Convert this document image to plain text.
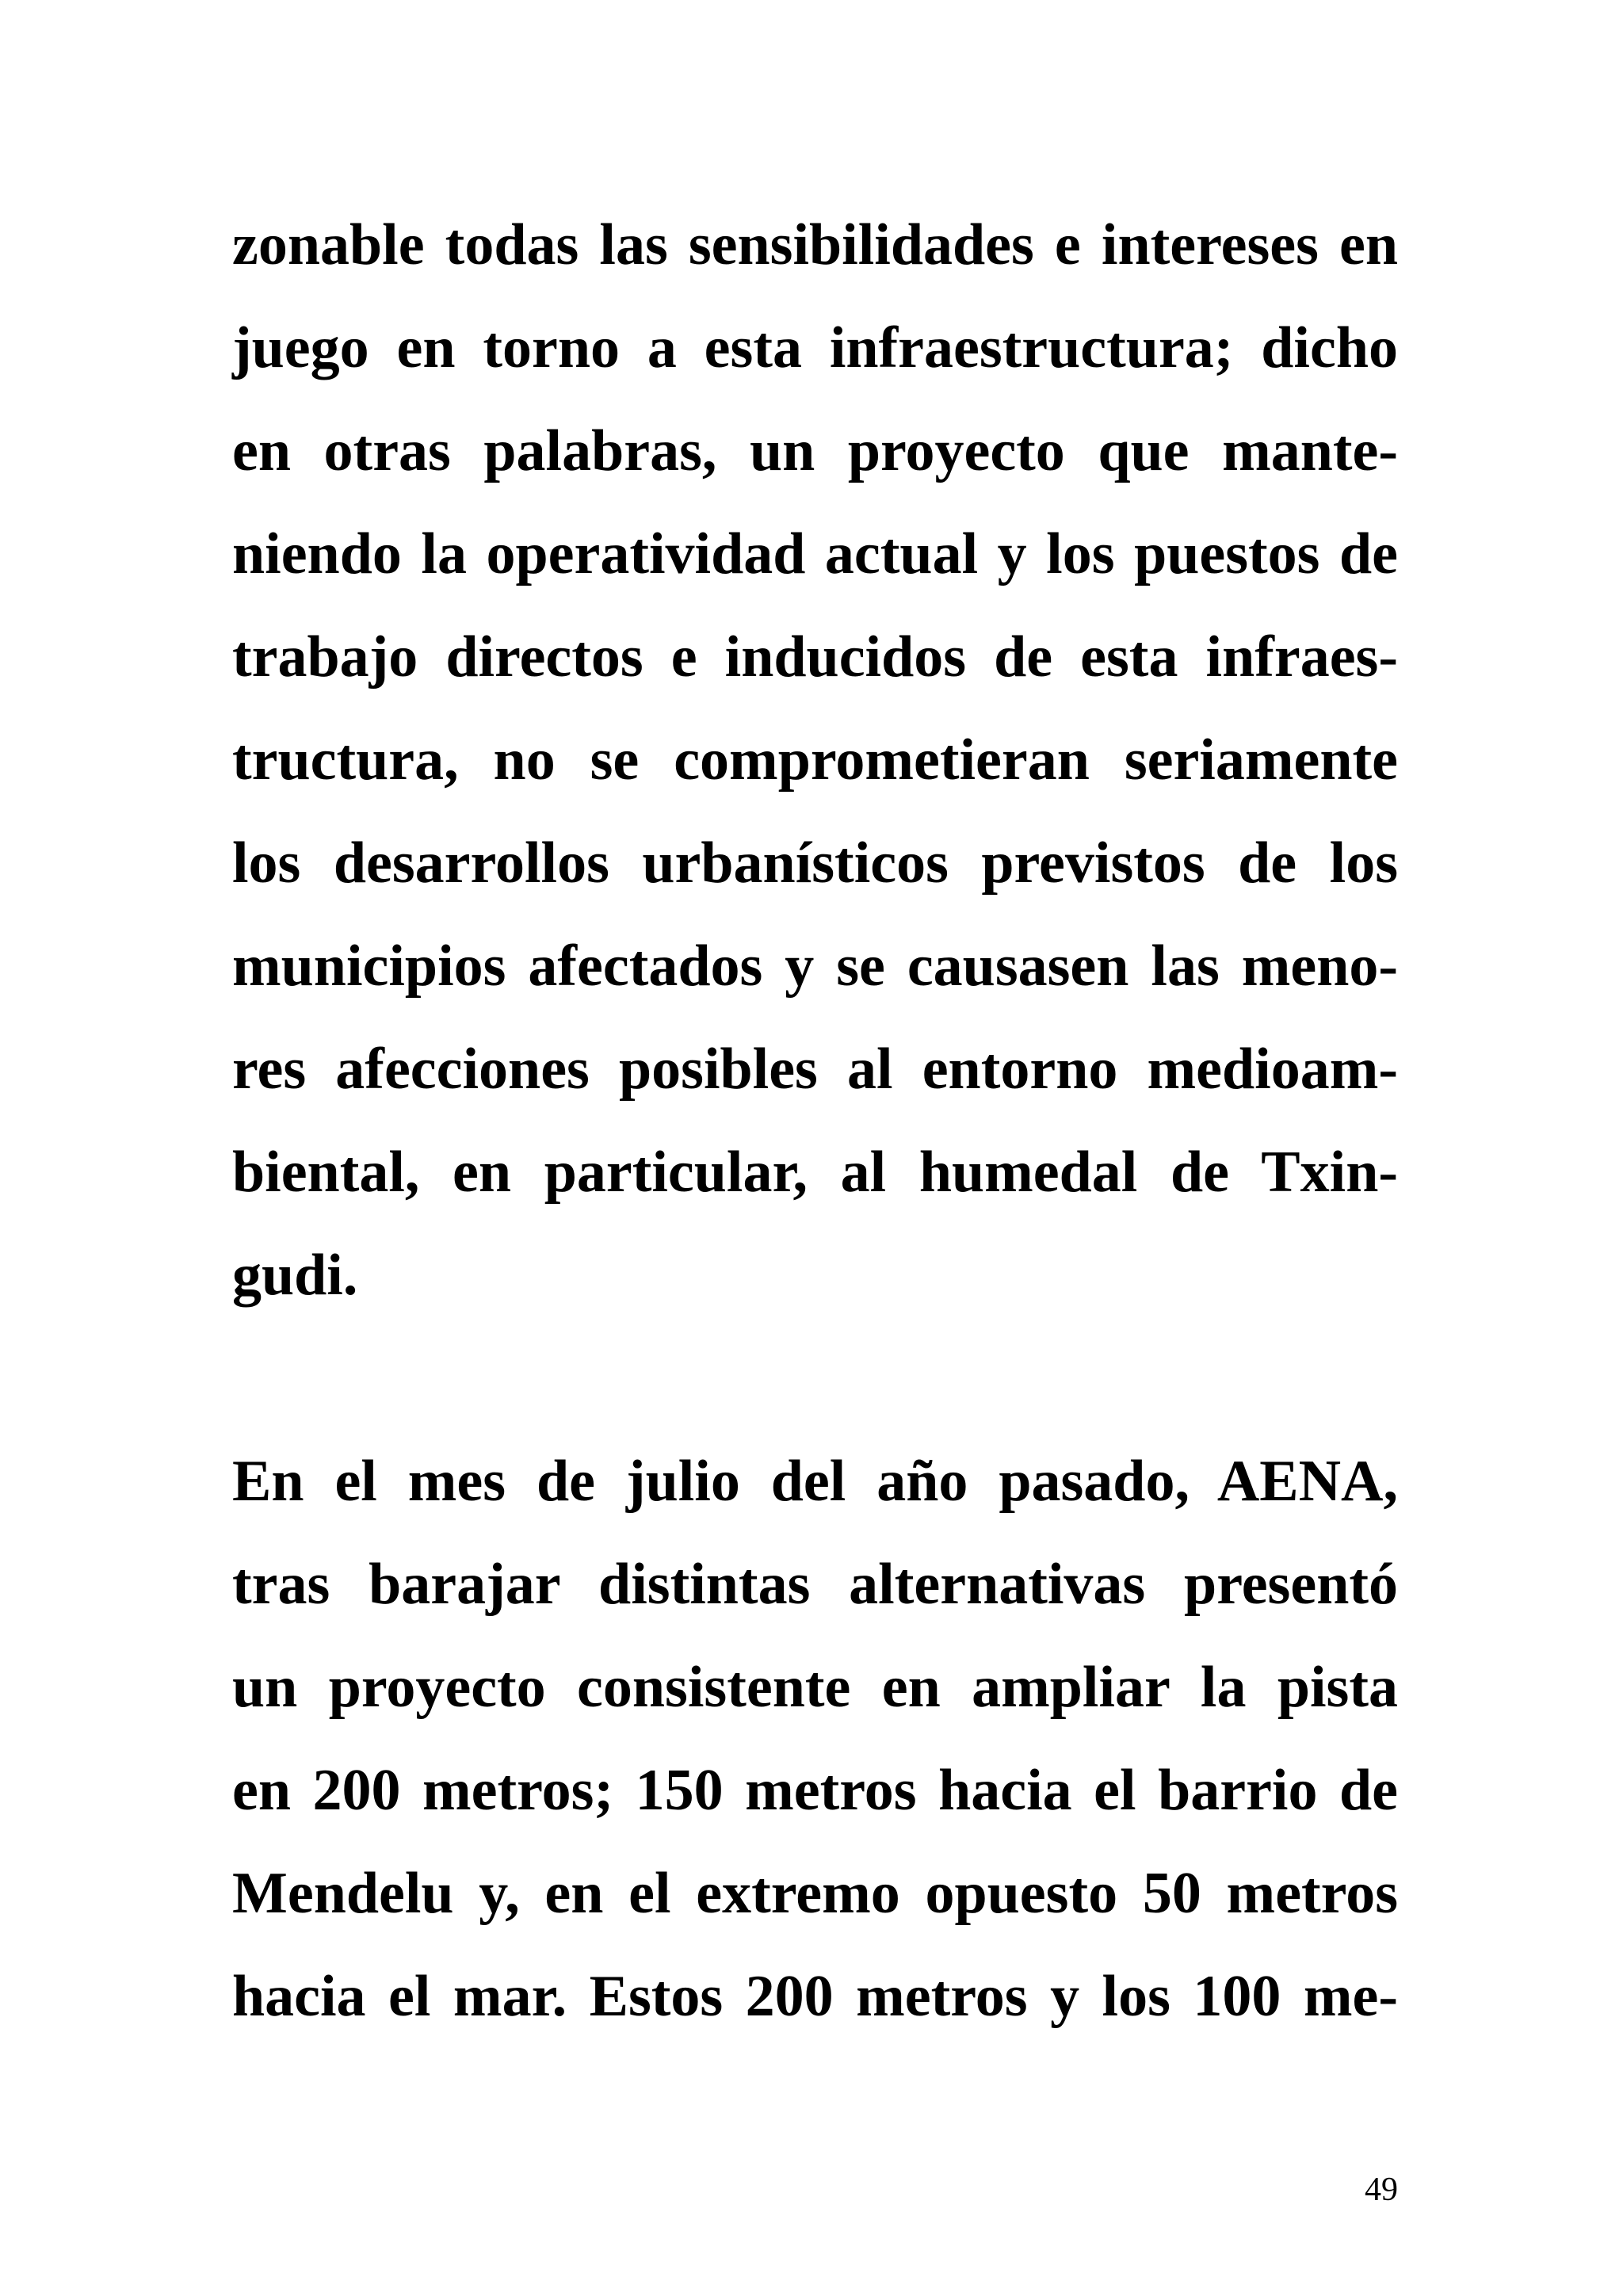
zonable todas las sensibilidades e intereses en
juego en torno a esta infraestructura; dicho
en otras palabras, un proyecto que mante-
niendo la operatividad actual y los puestos de
trabajo directos e inducidos de esta infraes-
tructura, no se comprometieran seriamente
los desarrollos urbanísticos previstos de los
municipios afectados y se causasen las meno-
res afecciones posibles al entorno medioam-
biental, en particular, al humedal de Txin-
gudi.
En el mes de julio del año pasado, AENA,
tras barajar distintas alternativas presentó
un proyecto consistente en ampliar la pista
en 200 metros; 150 metros hacia el barrio de
Mendelu y, en el extremo opuesto 50 metros
hacia el mar. Estos 200 metros y los 100 me-
49
